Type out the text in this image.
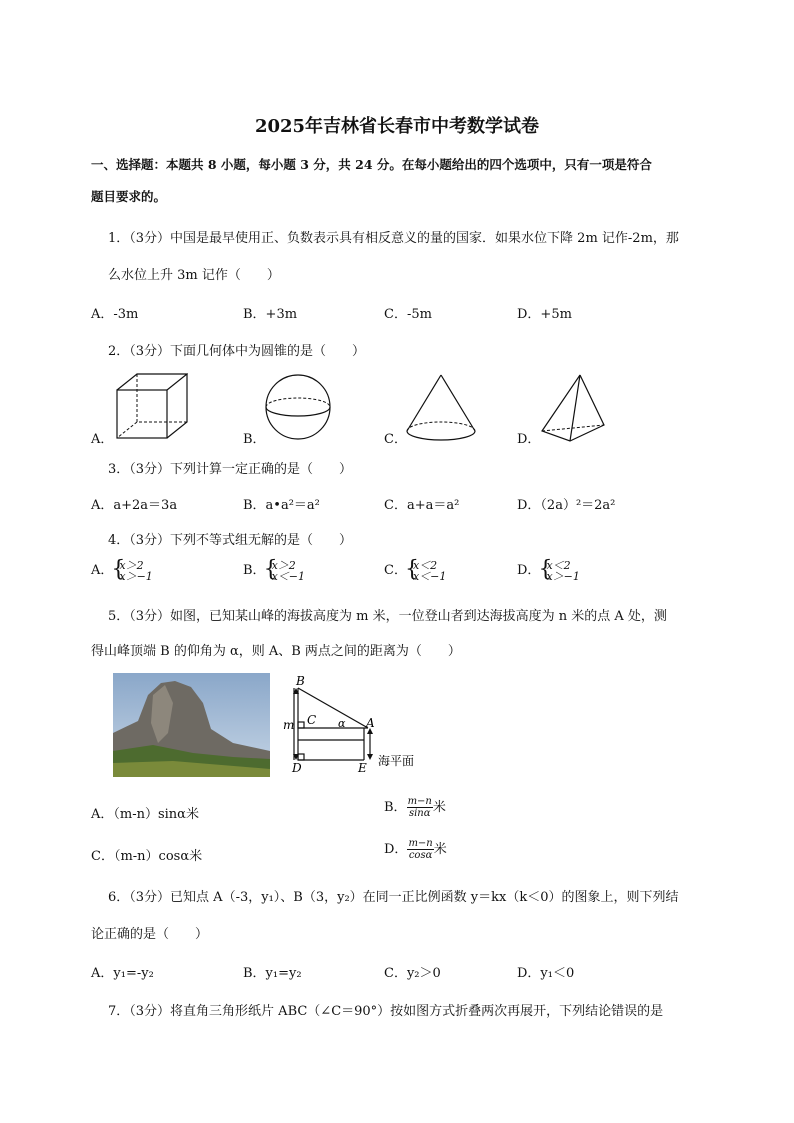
2025年吉林省长春市中考数学试卷
一、选择题：本题共 8 小题，每小题 3 分，共 24 分。在每小题给出的四个选项中，只有一项是符合
题目要求的。
1．（3分）中国是最早使用正、负数表示具有相反意义的量的国家．如果水位下降 2m 记作-2m，那
么水位上升 3m 记作（　　）
A．-3m	B．+3m	C．-5m	D．+5m
2．（3分）下面几何体中为圆锥的是（　　）
A．	B．	C．	D．
3．（3分）下列计算一定正确的是（　　）
A．a+2a＝3a	B．a•a²＝a²	C．a+a＝a²	D．（2a）²＝2a²
4．（3分）下列不等式组无解的是（　　）
A． { x＞2
x＞−1	B． { x＞2
x＜−1	C． { x＜2
x＜−1	D． { x＜2
x＞−1
5．（3分）如图，已知某山峰的海拔高度为 m 米，一位登山者到达海拔高度为 n 米的点 A 处，测
得山峰顶端 B 的仰角为 α，则 A、B 两点之间的距离为（　　）
B
C α A
m
D	E 海平面
A．（m-n）sinα米	B． $\frac{m-n}{\sin\alpha}$ 米
C．（m-n）cosα米	D． $\frac{m-n}{\cos\alpha}$ 米
6．（3分）已知点 A（-3，y₁）、B（3，y₂）在同一正比例函数 y＝kx（k＜0）的图象上，则下列结
论正确的是（　　）
A．y₁=-y₂	B．y₁=y₂	C．y₂＞0	D．y₁＜0
7．（3分）将直角三角形纸片 ABC（∠C＝90°）按如图方式折叠两次再展开，下列结论错误的是
